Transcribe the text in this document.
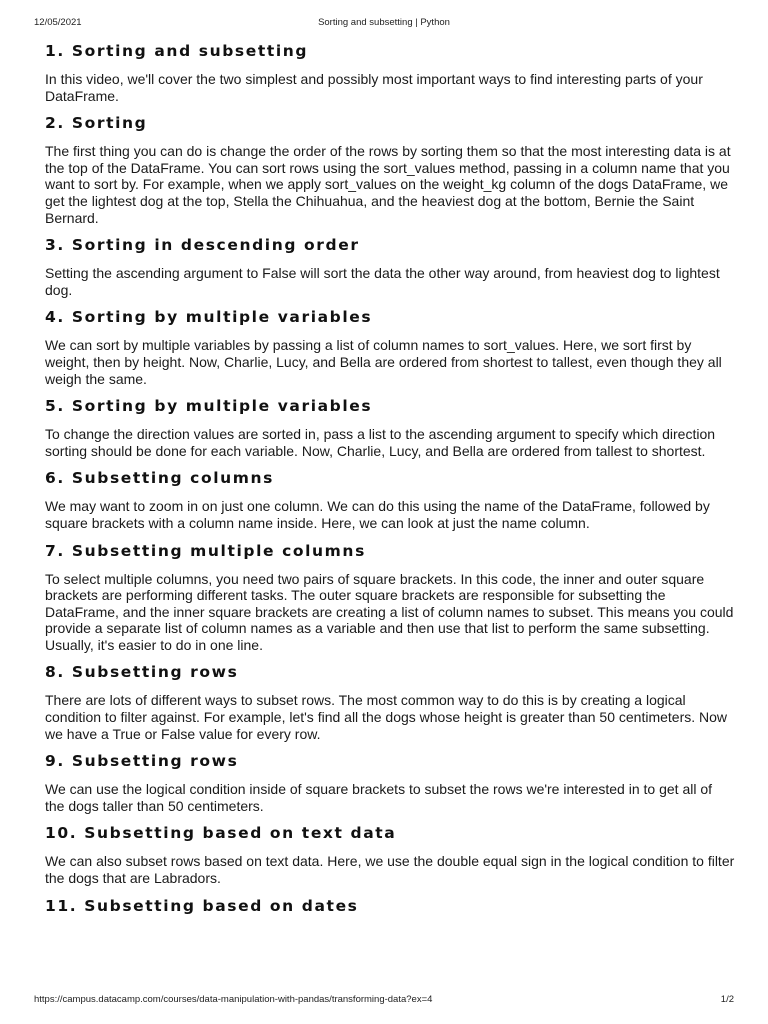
12/05/2021	Sorting and subsetting | Python
1. Sorting and subsetting

In this video, we'll cover the two simplest and possibly most important ways to find interesting parts of your DataFrame.

2. Sorting

The first thing you can do is change the order of the rows by sorting them so that the most interesting data is at the top of the DataFrame. You can sort rows using the sort_values method, passing in a column name that you want to sort by. For example, when we apply sort_values on the weight_kg column of the dogs DataFrame, we get the lightest dog at the top, Stella the Chihuahua, and the heaviest dog at the bottom, Bernie the Saint Bernard.

3. Sorting in descending order

Setting the ascending argument to False will sort the data the other way around, from heaviest dog to lightest dog.

4. Sorting by multiple variables

We can sort by multiple variables by passing a list of column names to sort_values. Here, we sort first by weight, then by height. Now, Charlie, Lucy, and Bella are ordered from shortest to tallest, even though they all weigh the same.

5. Sorting by multiple variables

To change the direction values are sorted in, pass a list to the ascending argument to specify which direction sorting should be done for each variable. Now, Charlie, Lucy, and Bella are ordered from tallest to shortest.

6. Subsetting columns

We may want to zoom in on just one column. We can do this using the name of the DataFrame, followed by square brackets with a column name inside. Here, we can look at just the name column.

7. Subsetting multiple columns

To select multiple columns, you need two pairs of square brackets. In this code, the inner and outer square brackets are performing different tasks. The outer square brackets are responsible for subsetting the DataFrame, and the inner square brackets are creating a list of column names to subset. This means you could provide a separate list of column names as a variable and then use that list to perform the same subsetting. Usually, it's easier to do in one line.

8. Subsetting rows

There are lots of different ways to subset rows. The most common way to do this is by creating a logical condition to filter against. For example, let's find all the dogs whose height is greater than 50 centimeters. Now we have a True or False value for every row.

9. Subsetting rows

We can use the logical condition inside of square brackets to subset the rows we're interested in to get all of the dogs taller than 50 centimeters.

10. Subsetting based on text data

We can also subset rows based on text data. Here, we use the double equal sign in the logical condition to filter the dogs that are Labradors.

11. Subsetting based on dates
https://campus.datacamp.com/courses/data-manipulation-with-pandas/transforming-data?ex=4	1/2
